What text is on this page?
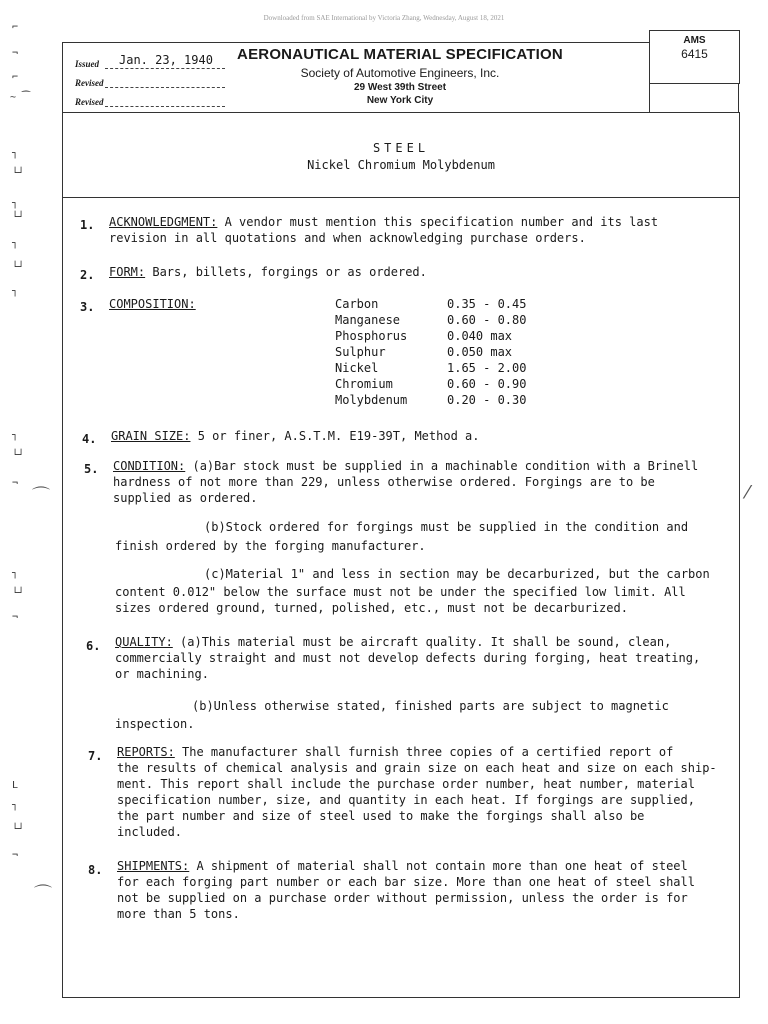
Downloaded from SAE International by Victoria Zhang, Wednesday, August 18, 2021
⌐
¬
⌐
~ ⁀
┐
└┘
┐
└┘
┐
└┘
┐
┐
└┘
¬
┐
└┘
¬
L
┐
└┘
¬
⌒	⁄
⌒
AMS
6415
Issued	Jan. 23, 1940
Revised
Revised
AERONAUTICAL MATERIAL SPECIFICATION
Society of Automotive Engineers, Inc.
29 West 39th Street
New York City
STEEL
Nickel Chromium Molybdenum
1. ACKNOWLEDGMENT: A vendor must mention this specification number and its last
revision in all quotations and when acknowledging purchase orders.
2. FORM: Bars, billets, forgings or as ordered.
3. COMPOSITION:	Carbon	0.35 - 0.45
Manganese	0.60 - 0.80
Phosphorus	0.040 max
Sulphur	0.050 max
Nickel	1.65 - 2.00
Chromium	0.60 - 0.90
Molybdenum	0.20 - 0.30
4. GRAIN SIZE: 5 or finer, A.S.T.M. E19-39T, Method a.
5. CONDITION: (a)Bar stock must be supplied in a machinable condition with a Brinell
hardness of not more than 229, unless otherwise ordered. Forgings are to be
supplied as ordered.
(b)Stock ordered for forgings must be supplied in the condition and
finish ordered by the forging manufacturer.
(c)Material 1" and less in section may be decarburized, but the carbon
content 0.012" below the surface must not be under the specified low limit. All
sizes ordered ground, turned, polished, etc., must not be decarburized.
6. QUALITY: (a)This material must be aircraft quality. It shall be sound, clean,
commercially straight and must not develop defects during forging, heat treating,
or machining.
(b)Unless otherwise stated, finished parts are subject to magnetic
inspection.
7. REPORTS: The manufacturer shall furnish three copies of a certified report of
the results of chemical analysis and grain size on each heat and size on each ship-
ment. This report shall include the purchase order number, heat number, material
specification number, size, and quantity in each heat. If forgings are supplied,
the part number and size of steel used to make the forgings shall also be
included.
8. SHIPMENTS: A shipment of material shall not contain more than one heat of steel
for each forging part number or each bar size. More than one heat of steel shall
not be supplied on a purchase order without permission, unless the order is for
more than 5 tons.
